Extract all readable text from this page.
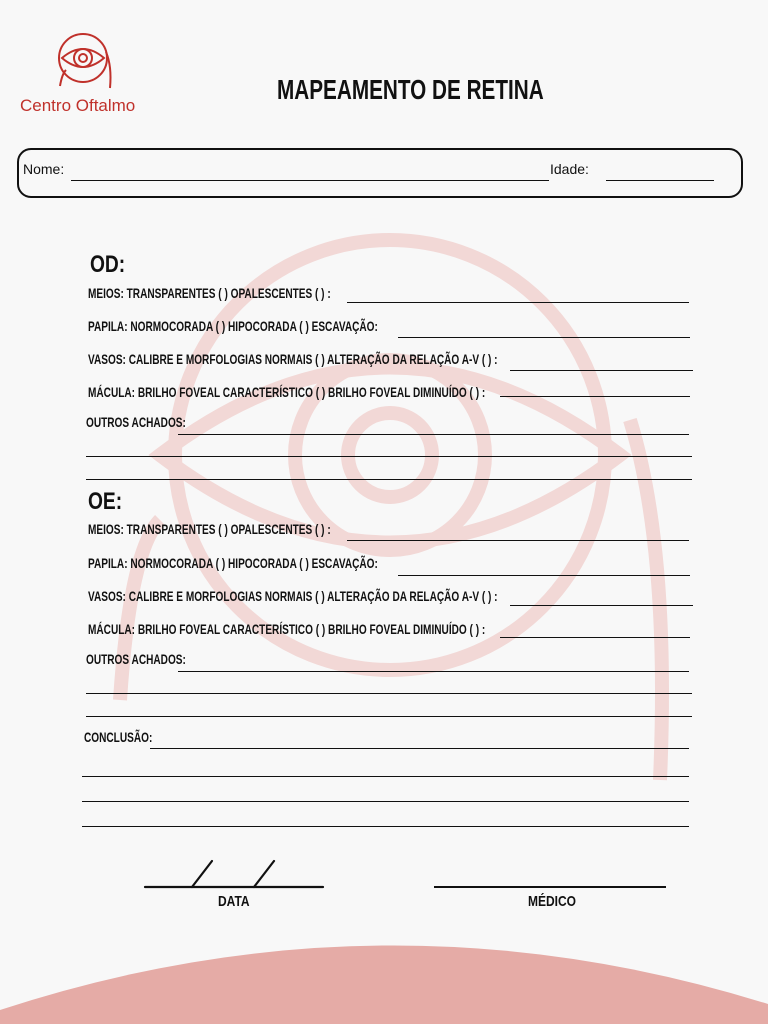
Centro Oftalmo
MAPEAMENTO DE RETINA
Nome:	Idade:
OD:
MEIOS: TRANSPARENTES ( ) OPALESCENTES ( ) :
PAPILA: NORMOCORADA ( ) HIPOCORADA ( ) ESCAVAÇÃO:
VASOS: CALIBRE E MORFOLOGIAS NORMAIS ( ) ALTERAÇÃO DA RELAÇÃO A-V ( ) :
MÁCULA: BRILHO FOVEAL CARACTERÍSTICO ( ) BRILHO FOVEAL DIMINUÍDO ( ) :
OUTROS ACHADOS:
OE:
MEIOS: TRANSPARENTES ( ) OPALESCENTES ( ) :
PAPILA: NORMOCORADA ( ) HIPOCORADA ( ) ESCAVAÇÃO:
VASOS: CALIBRE E MORFOLOGIAS NORMAIS ( ) ALTERAÇÃO DA RELAÇÃO A-V ( ) :
MÁCULA: BRILHO FOVEAL CARACTERÍSTICO ( ) BRILHO FOVEAL DIMINUÍDO ( ) :
OUTROS ACHADOS:
CONCLUSÃO:
DATA	MÉDICO
